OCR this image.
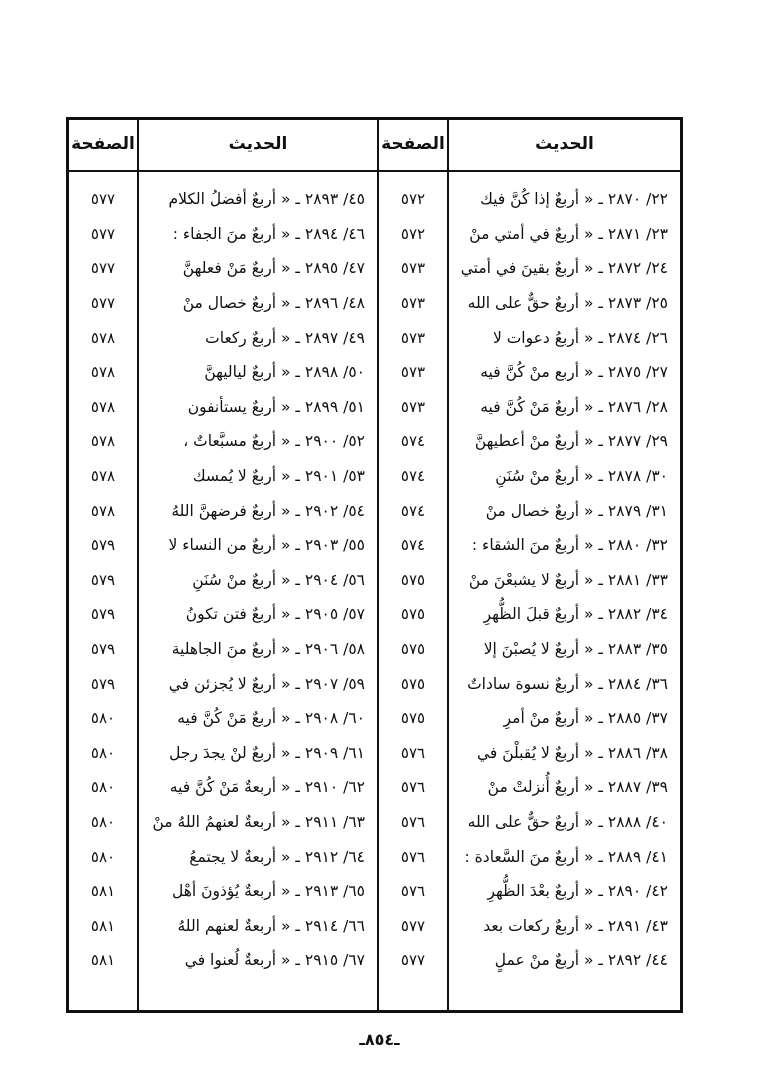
الحديث
الصفحة
الحديث
الصفحة
٢٢/ ٢٨٧٠ ـ « أربعٌ إذا كُنَّ فيك
٥٧٢
٤٥/ ٢٨٩٣ ـ « أربعٌ أفضلُ الكلام
٥٧٧
٢٣/ ٢٨٧١ ـ « أربعٌ في أمتي منْ
٥٧٢
٤٦/ ٢٨٩٤ ـ « أربعٌ منَ الجفاء :
٥٧٧
٢٤/ ٢٨٧٢ ـ « أربعٌ بقينَ في أمتي
٥٧٣
٤٧/ ٢٨٩٥ ـ « أربعٌ مَنْ فعلهنَّ
٥٧٧
٢٥/ ٢٨٧٣ ـ « أربعٌ حقٌّ على الله
٥٧٣
٤٨/ ٢٨٩٦ ـ « أربعٌ خصال منْ
٥٧٧
٢٦/ ٢٨٧٤ ـ « أربعُ دعوات لا
٥٧٣
٤٩/ ٢٨٩٧ ـ « أربعٌ ركعات
٥٧٨
٢٧/ ٢٨٧٥ ـ « أربع منْ كُنَّ فيه
٥٧٣
٥٠/ ٢٨٩٨ ـ « أربعٌ لياليهنَّ
٥٧٨
٢٨/ ٢٨٧٦ ـ « أربعٌ مَنْ كُنَّ فيه
٥٧٣
٥١/ ٢٨٩٩ ـ « أربعٌ يستأنفون
٥٧٨
٢٩/ ٢٨٧٧ ـ « أربعٌ منْ أعطيهنَّ
٥٧٤
٥٢/ ٢٩٠٠ ـ « أربعٌ مسبَّعاتٌ ،
٥٧٨
٣٠/ ٢٨٧٨ ـ « أربعٌ منْ سُنَنِ
٥٧٤
٥٣/ ٢٩٠١ ـ « أربعٌ لا يُمسك
٥٧٨
٣١/ ٢٨٧٩ ـ « أربعٌ خصال منْ
٥٧٤
٥٤/ ٢٩٠٢ ـ « أربعٌ فرضهنَّ اللهُ
٥٧٨
٣٢/ ٢٨٨٠ ـ « أربعٌ منَ الشقاء :
٥٧٤
٥٥/ ٢٩٠٣ ـ « أربعٌ من النساء لا
٥٧٩
٣٣/ ٢٨٨١ ـ « أربعٌ لا يشبعْنَ منْ
٥٧٥
٥٦/ ٢٩٠٤ ـ « أربعٌ منْ سُنَنِ
٥٧٩
٣٤/ ٢٨٨٢ ـ « أربعٌ قبلَ الظُّهرِ
٥٧٥
٥٧/ ٢٩٠٥ ـ « أربعٌ فتن تكونُ
٥٧٩
٣٥/ ٢٨٨٣ ـ « أربعٌ لا يُصبْنَ إلا
٥٧٥
٥٨/ ٢٩٠٦ ـ « أربعٌ منَ الجاهلية
٥٧٩
٣٦/ ٢٨٨٤ ـ « أربعٌ نسوة ساداتٌ
٥٧٥
٥٩/ ٢٩٠٧ ـ « أربعٌ لا يُجزئن في
٥٧٩
٣٧/ ٢٨٨٥ ـ « أربعٌ منْ أمرِ
٥٧٥
٦٠/ ٢٩٠٨ ـ « أربعٌ مَنْ كُنَّ فيه
٥٨٠
٣٨/ ٢٨٨٦ ـ « أربعٌ لا يُقبلْنَ في
٥٧٦
٦١/ ٢٩٠٩ ـ « أربعٌ لنْ يجدَ رجل
٥٨٠
٣٩/ ٢٨٨٧ ـ « أربعٌ أُنزلتْ منْ
٥٧٦
٦٢/ ٢٩١٠ ـ « أربعةٌ مَنْ كُنَّ فيه
٥٨٠
٤٠/ ٢٨٨٨ ـ « أربعٌ حقٌّ على الله
٥٧٦
٦٣/ ٢٩١١ ـ « أربعةٌ لعنهمُ اللهُ منْ
٥٨٠
٤١/ ٢٨٨٩ ـ « أربعٌ منَ السَّعادة :
٥٧٦
٦٤/ ٢٩١٢ ـ « أربعةٌ لا يجتمعُ
٥٨٠
٤٢/ ٢٨٩٠ ـ « أربعٌ بعْدَ الظُّهرِ
٥٧٦
٦٥/ ٢٩١٣ ـ « أربعةٌ يُؤذونَ أهْل
٥٨١
٤٣/ ٢٨٩١ ـ « أربعٌ ركعات بعد
٥٧٧
٦٦/ ٢٩١٤ ـ « أربعةٌ لعنهم اللهُ
٥٨١
٤٤/ ٢٨٩٢ ـ « أربعٌ منْ عملٍ
٥٧٧
٦٧/ ٢٩١٥ ـ « أربعةٌ لُعنوا في
٥٨١
ـ٨٥٤ـ
